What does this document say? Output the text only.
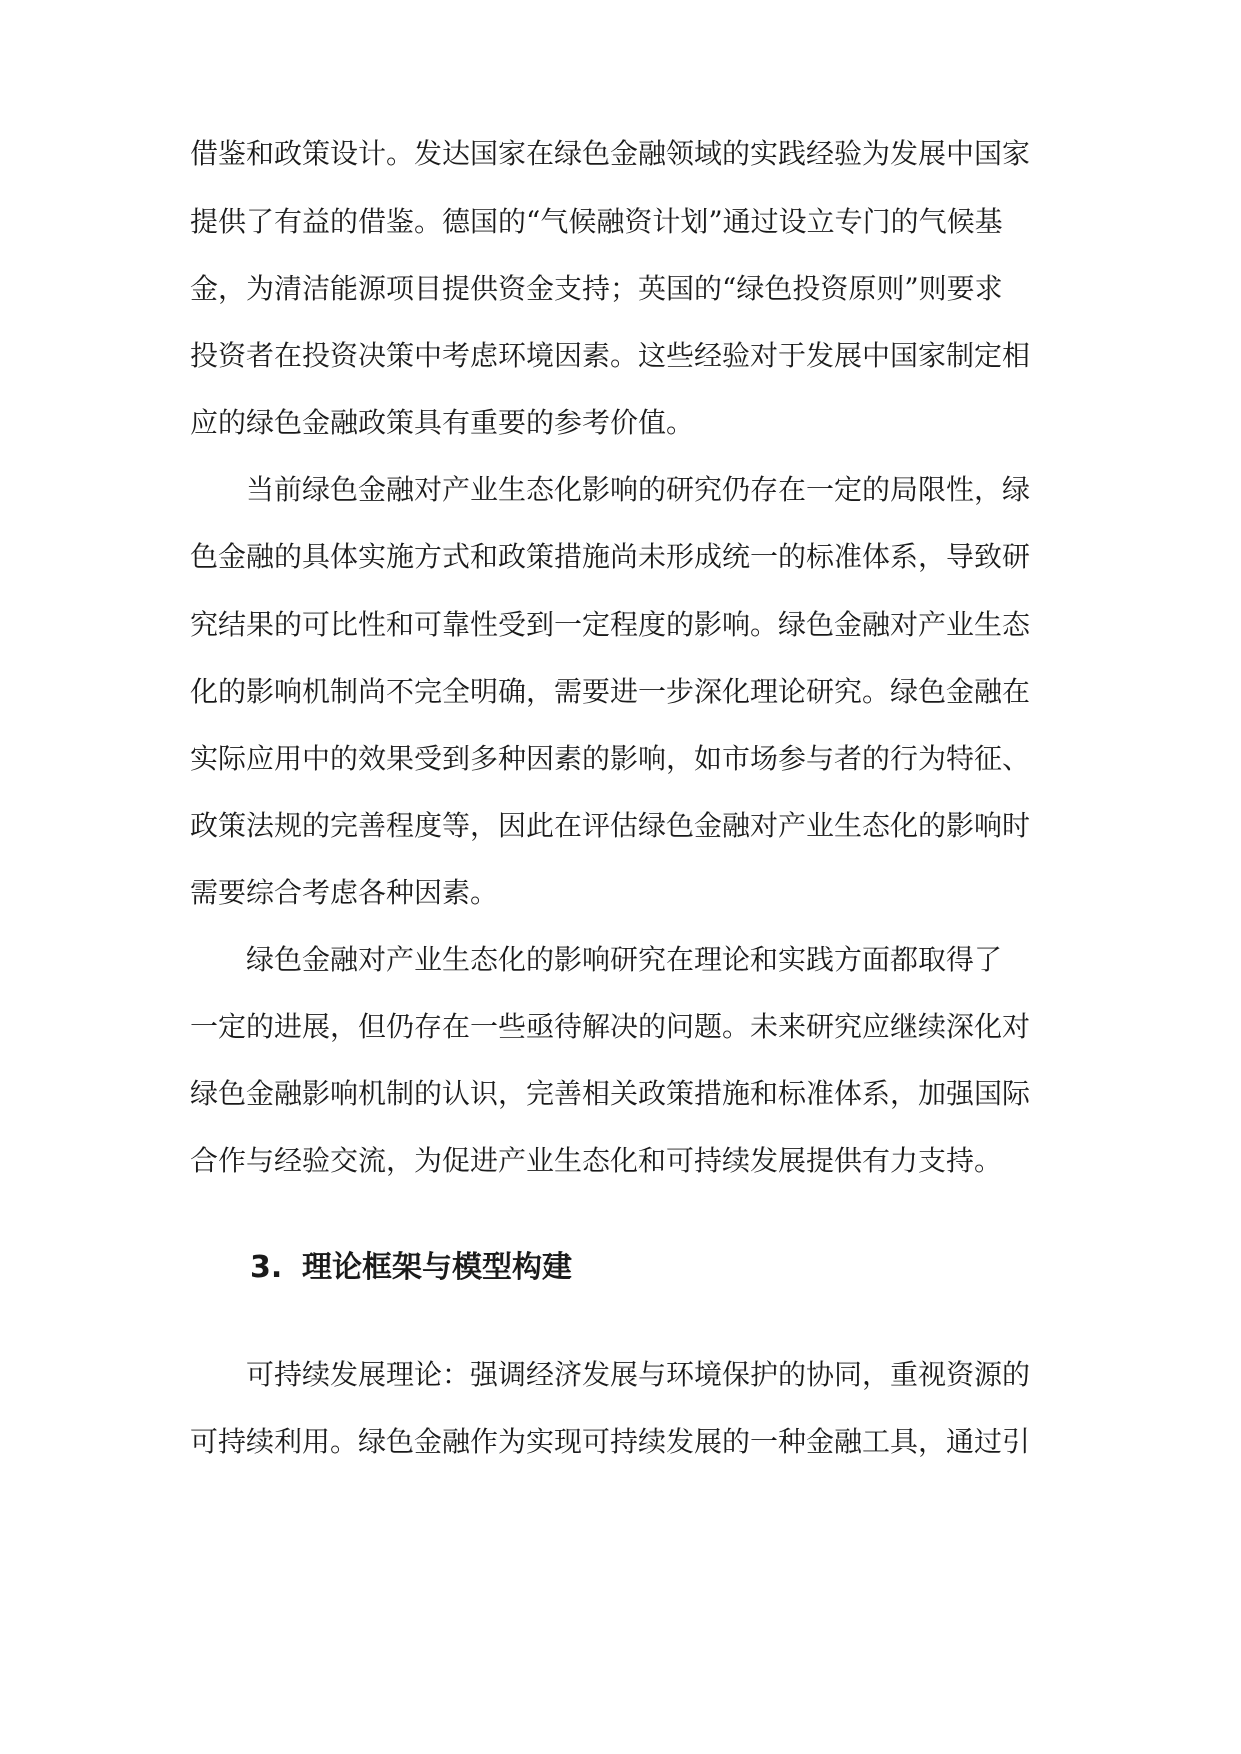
借鉴和政策设计。发达国家在绿色金融领域的实践经验为发展中国家
提供了有益的借鉴。德国的“气候融资计划”通过设立专门的气候基
金，为清洁能源项目提供资金支持；英国的“绿色投资原则”则要求
投资者在投资决策中考虑环境因素。这些经验对于发展中国家制定相
应的绿色金融政策具有重要的参考价值。
当前绿色金融对产业生态化影响的研究仍存在一定的局限性，绿
色金融的具体实施方式和政策措施尚未形成统一的标准体系，导致研
究结果的可比性和可靠性受到一定程度的影响。绿色金融对产业生态
化的影响机制尚不完全明确，需要进一步深化理论研究。绿色金融在
实际应用中的效果受到多种因素的影响，如市场参与者的行为特征、
政策法规的完善程度等，因此在评估绿色金融对产业生态化的影响时
需要综合考虑各种因素。
绿色金融对产业生态化的影响研究在理论和实践方面都取得了
一定的进展，但仍存在一些亟待解决的问题。未来研究应继续深化对
绿色金融影响机制的认识，完善相关政策措施和标准体系，加强国际
合作与经验交流，为促进产业生态化和可持续发展提供有力支持。
3. 理论框架与模型构建
可持续发展理论：强调经济发展与环境保护的协同，重视资源的
可持续利用。绿色金融作为实现可持续发展的一种金融工具，通过引
